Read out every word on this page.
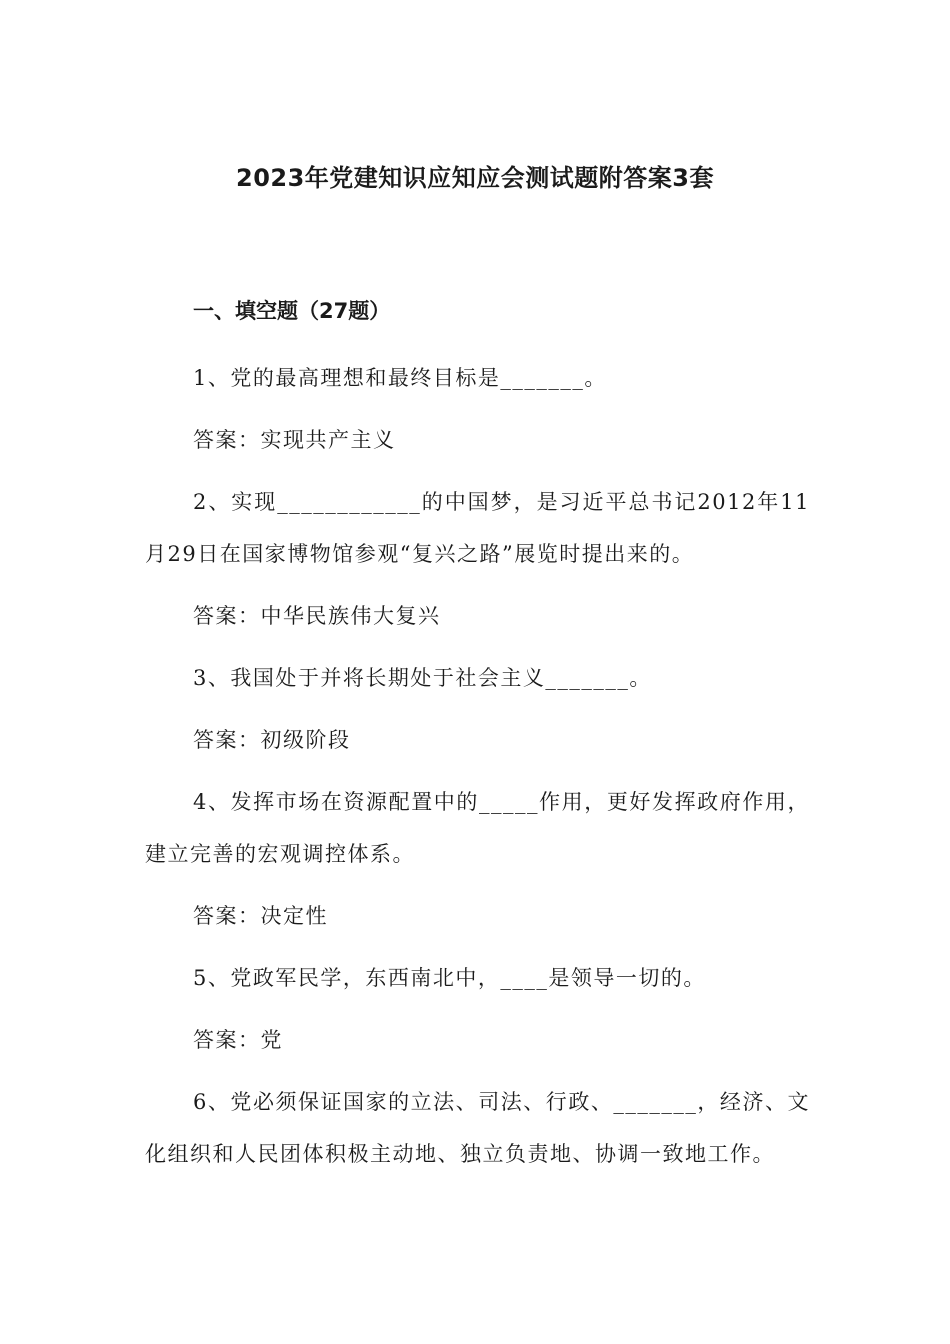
2023年党建知识应知应会测试题附答案3套
一、填空题（27题）

1、党的最高理想和最终目标是_______。

答案：实现共产主义

2、实现____________的中国梦，是习近平总书记2012年11月29日在国家博物馆参观“复兴之路”展览时提出来的。

答案：中华民族伟大复兴

3、我国处于并将长期处于社会主义_______。

答案：初级阶段

4、发挥市场在资源配置中的_____作用，更好发挥政府作用，建立完善的宏观调控体系。

答案：决定性

5、党政军民学，东西南北中，____是领导一切的。

答案：党

6、党必须保证国家的立法、司法、行政、_______，经济、文化组织和人民团体积极主动地、独立负责地、协调一致地工作。
